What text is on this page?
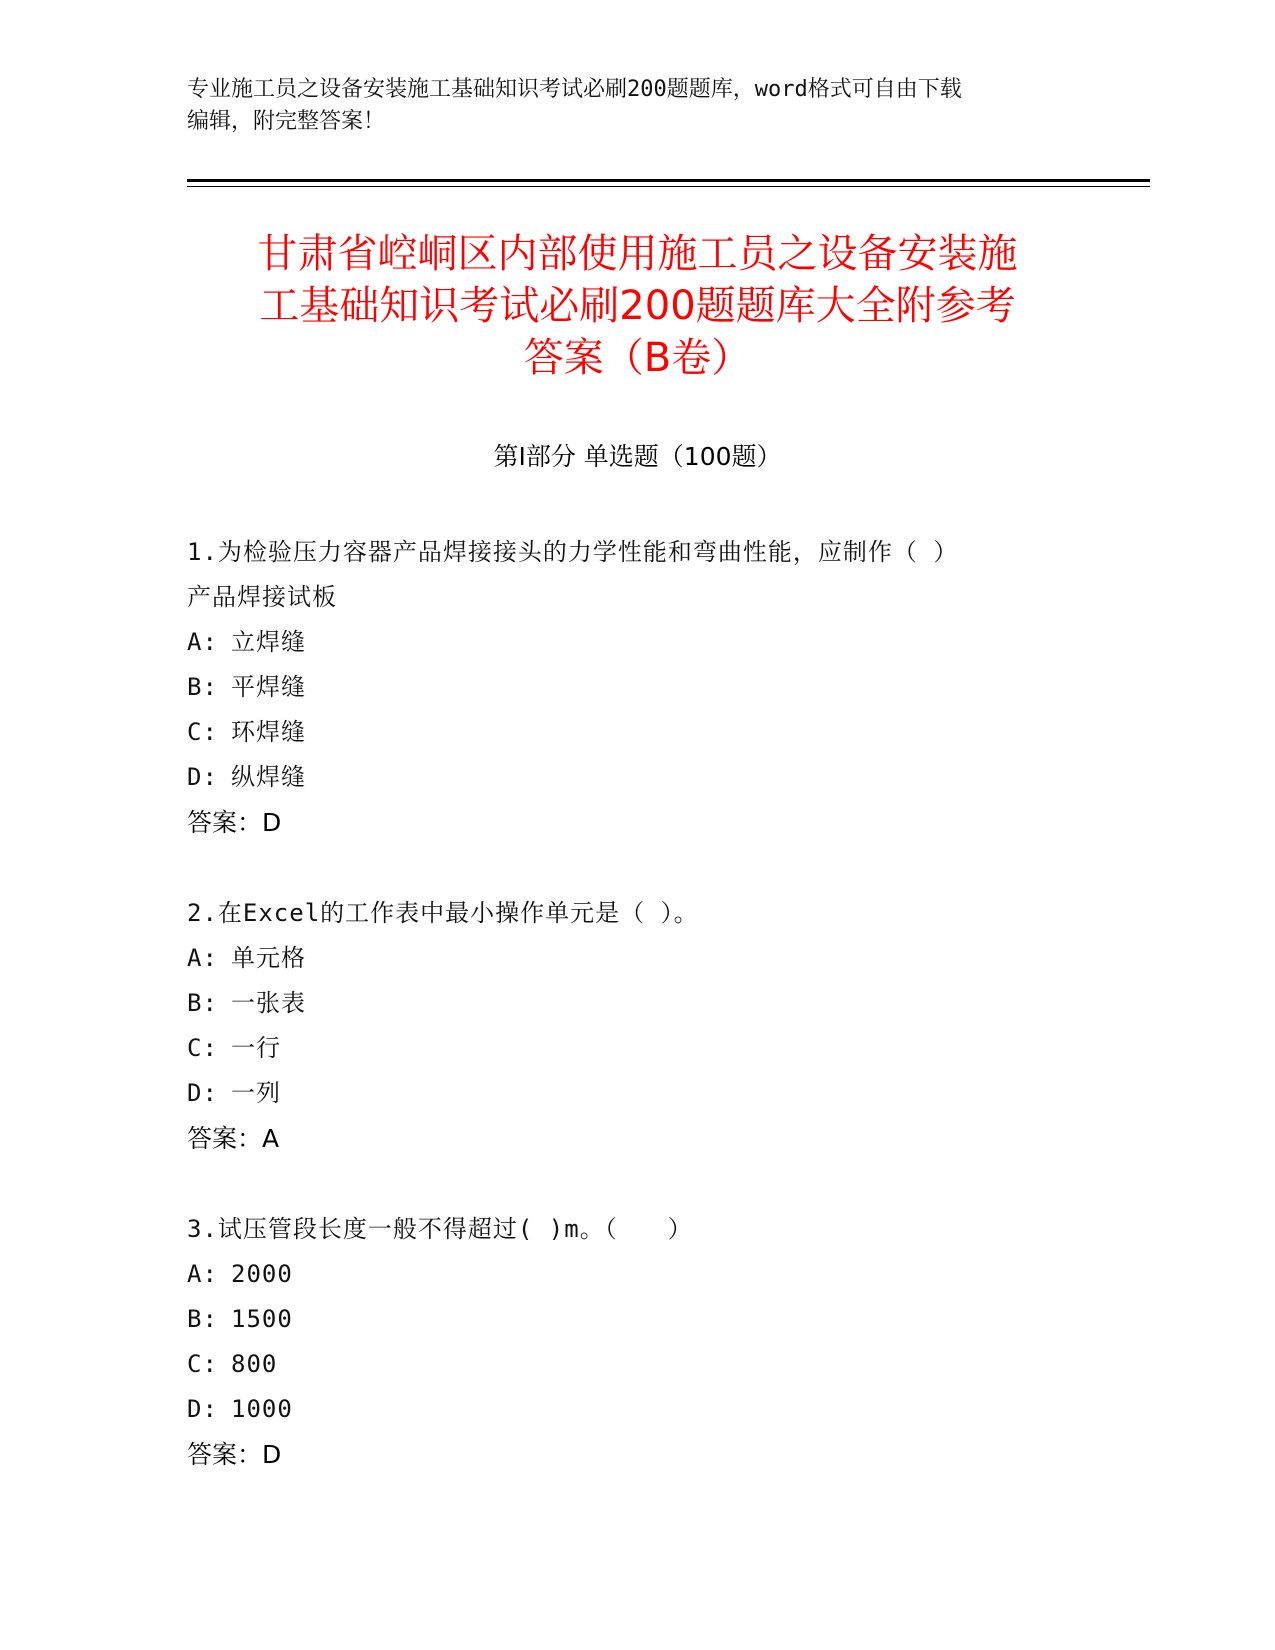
专业施工员之设备安装施工基础知识考试必刷200题题库，word格式可自由下载
编辑，附完整答案！
甘肃省崆峒区内部使用施工员之设备安装施
工基础知识考试必刷200题题库大全附参考
答案（B卷）
第Ⅰ部分 单选题（100题）
1.为检验压力容器产品焊接接头的力学性能和弯曲性能，应制作（ ）
产品焊接试板
A: 立焊缝
B: 平焊缝
C: 环焊缝
D: 纵焊缝
答案：D
2.在Excel的工作表中最小操作单元是（ ）。
A: 单元格
B: 一张表
C: 一行
D: 一列
答案：A
3.试压管段长度一般不得超过( )m。（　　）
A: 2000
B: 1500
C: 800
D: 1000
答案：D
